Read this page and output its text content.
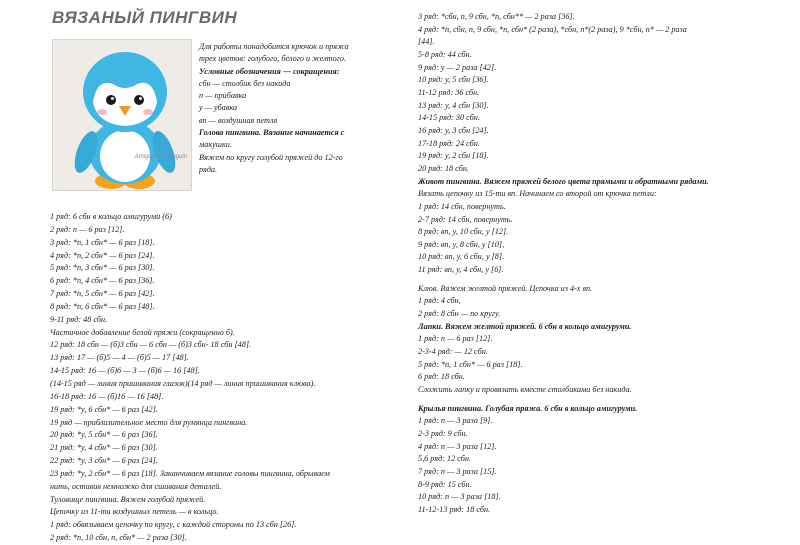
ВЯЗАНЫЙ ПИНГВИН
Amigurumi Penguin
Для работы понадобится крючок и пряжа
трех цветов: голубого, белого и желтого.
Условные обозначения — сокращения:
сбн — столбик без накида
п — прибавка
у — убавка
вп — воздушная петля
Голова пингвина. Вязание начинается с
макушки.
Вяжем по кругу голубой пряжей до 12-го
ряда.
1 ряд: 6 сбн в кольцо амигуруми (6)
2 ряд: п — 6 раз [12].
3 ряд: *п, 1 сбн* — 6 раз [18].
4 ряд: *п, 2 сбн* — 6 раз [24].
5 ряд: *п, 3 сбн* — 6 раз [30].
6 ряд: *п, 4 сбн* — 6 раз [36].
7 ряд: *п, 5 сбн* — 6 раз [42].
8 ряд: *п, 6 сбн* — 6 раз [48].
9-11 ряд: 48 сбн.
Частичное добавление белой пряжи (сокращенно б).
12 ряд: 18 сбн — (б)3 сбн — 6 сбн — (б)3 сбн- 18 сбн [48].
13 ряд: 17 — (б)5 — 4 — (б)5 — 17 [48].
14-15 ряд: 16 — (б)6 — 3 — (б)6 — 16 [48].
(14-15 ряд — линия пришивания глазок)(14 ряд — линия пришивания клюва).
16-18 ряд: 16 — (б)16 — 16 [48].
19 ряд: *у, 6 сбн* — 6 раз [42].
19 ряд — приблизительное место для румянца пингвина.
20 ряд: *у, 5 сбн* — 6 раз [36].
21 ряд: *у, 4 сбн* — 6 раз [30].
22 ряд: *у, 3 сбн* — 6 раз [24].
23 ряд: *у, 2 сбн* — 6 раз [18]. Заканчиваем вязание головы пингвина, обрываем
нить, оставив немножко для сшивания деталей.
Туловище пингвина. Вяжем голубой пряжей.
Цепочку из 11-ти воздушных петель — в кольцо.
1 ряд: обвязываем цепочку по кругу, с каждой стороны по 13 сбн [26].
2 ряд: *п, 10 сбн, п, сбн* — 2 раза [30].
3 ряд: *сбн, п, 9 сбн, *п, сбн** — 2 раза [36].
4 ряд: *п, сбн, п, 9 сбн, *п, сбн* (2 раза), *сбн, п*(2 раза), 9 *сбн, п* — 2 раза
[44].
5-8 ряд: 44 сбн.
9 ряд: у — 2 раза [42].
10 ряд: у, 5 сбн [36].
11-12 ряд: 36 сбн.
13 ряд: у, 4 сбн [30].
14-15 ряд: 30 сбн.
16 ряд: у, 3 сбн [24].
17-18 ряд: 24 сбн.
19 ряд: у, 2 сбн [18].
20 ряд: 18 сбн.
Живот пингвина. Вяжем пряжей белого цвета прямыми и обратными рядами.
Вязать цепочку из 15-ти вп. Начинаем со второй от крючка петли:
1 ряд: 14 сбн, повернуть.
2-7 ряд: 14 сбн, повернуть.
8 ряд: вп, у, 10 сбн, у [12].
9 ряд: вп, у, 8 сбн, у [10],
10 ряд: вп, у, 6 сбн, у [8].
11 ряд: вп, у, 4 сбн, у [6].
Клюв. Вяжем желтой пряжей. Цепочка из 4-х вп.
1 ряд: 4 сбн,
2 ряд: 8 сбн — по кругу.
Лапки. Вяжем желтой пряжей. 6 сбн в кольцо амигуруми.
1 ряд: п — 6 раз [12].
2-3-4 ряд: — 12 сбн.
5 ряд: *п, 1 сбн* — 6 раз [18].
6 ряд: 18 сбн.
Сложить лапку и провязать вместе столбиками без накида.
Крылья пингвина. Голубая пряжа. 6 сбн в кольцо амигуруми.
1 ряд: п — 3 раза [9].
2-3 ряд: 9 сбн.
4 ряд: п — 3 раза [12].
5,6 ряд: 12 сбн.
7 ряд: п — 3 раза [15].
8-9 ряд: 15 сбн.
10 ряд: п — 3 раза [18].
11-12-13 ряд: 18 сбн.
